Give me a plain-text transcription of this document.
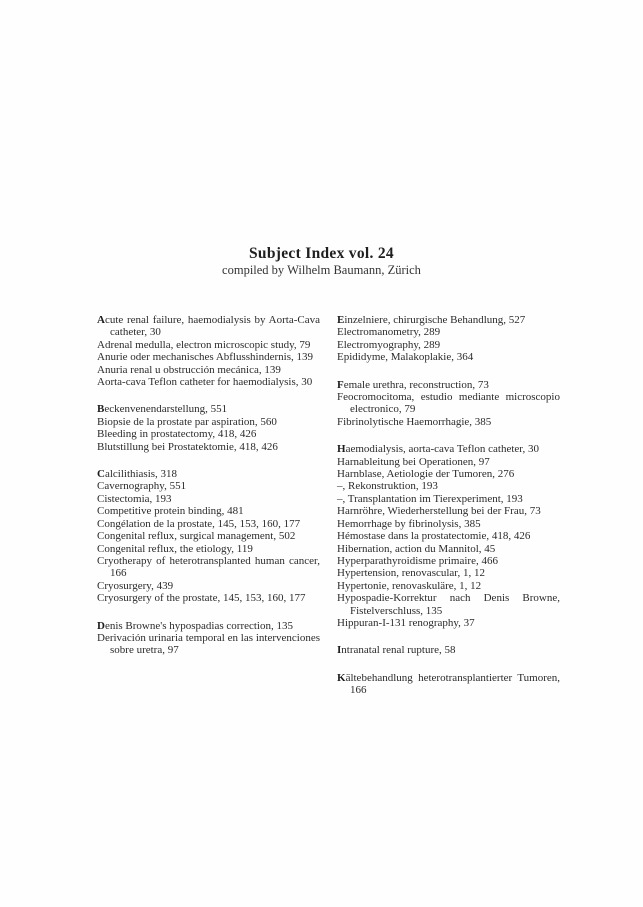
Subject Index vol. 24
compiled by Wilhelm Baumann, Zürich

Acute renal failure, haemodialysis by Aorta-Cava catheter, 30

Adrenal medulla, electron microscopic study, 79

Anurie oder mechanisches Abflusshindernis, 139

Anuria renal u obstrucción mecánica, 139

Aorta-cava Teflon catheter for haemodialysis, 30

Beckenvenendarstellung, 551

Biopsie de la prostate par aspiration, 560

Bleeding in prostatectomy, 418, 426

Blutstillung bei Prostatektomie, 418, 426

Calcilithiasis, 318

Cavernography, 551

Cistectomia, 193

Competitive protein binding, 481

Congélation de la prostate, 145, 153, 160, 177

Congenital reflux, surgical management, 502

Congenital reflux, the etiology, 119

Cryotherapy of heterotransplanted human cancer, 166

Cryosurgery, 439

Cryosurgery of the prostate, 145, 153, 160, 177

Denis Browne's hypospadias correction, 135

Derivación urinaria temporal en las intervenciones sobre uretra, 97

Einzelniere, chirurgische Behandlung, 527

Electromanometry, 289

Electromyography, 289

Epididyme, Malakoplakie, 364

Female urethra, reconstruction, 73

Feocromocitoma, estudio mediante microscopio electronico, 79

Fibrinolytische Haemorrhagie, 385

Haemodialysis, aorta-cava Teflon catheter, 30

Harnableitung bei Operationen, 97

Harnblase, Aetiologie der Tumoren, 276

–, Rekonstruktion, 193

–, Transplantation im Tierexperiment, 193

Harnröhre, Wiederherstellung bei der Frau, 73

Hemorrhage by fibrinolysis, 385

Hémostase dans la prostatectomie, 418, 426

Hibernation, action du Mannitol, 45

Hyperparathyroidisme primaire, 466

Hypertension, renovascular, 1, 12

Hypertonie, renovaskuläre, 1, 12

Hypospadie-Korrektur nach Denis Browne, Fistelverschluss, 135

Hippuran-I-131 renography, 37

Intranatal renal rupture, 58

Kältebehandlung heterotransplantierter Tumoren, 166
